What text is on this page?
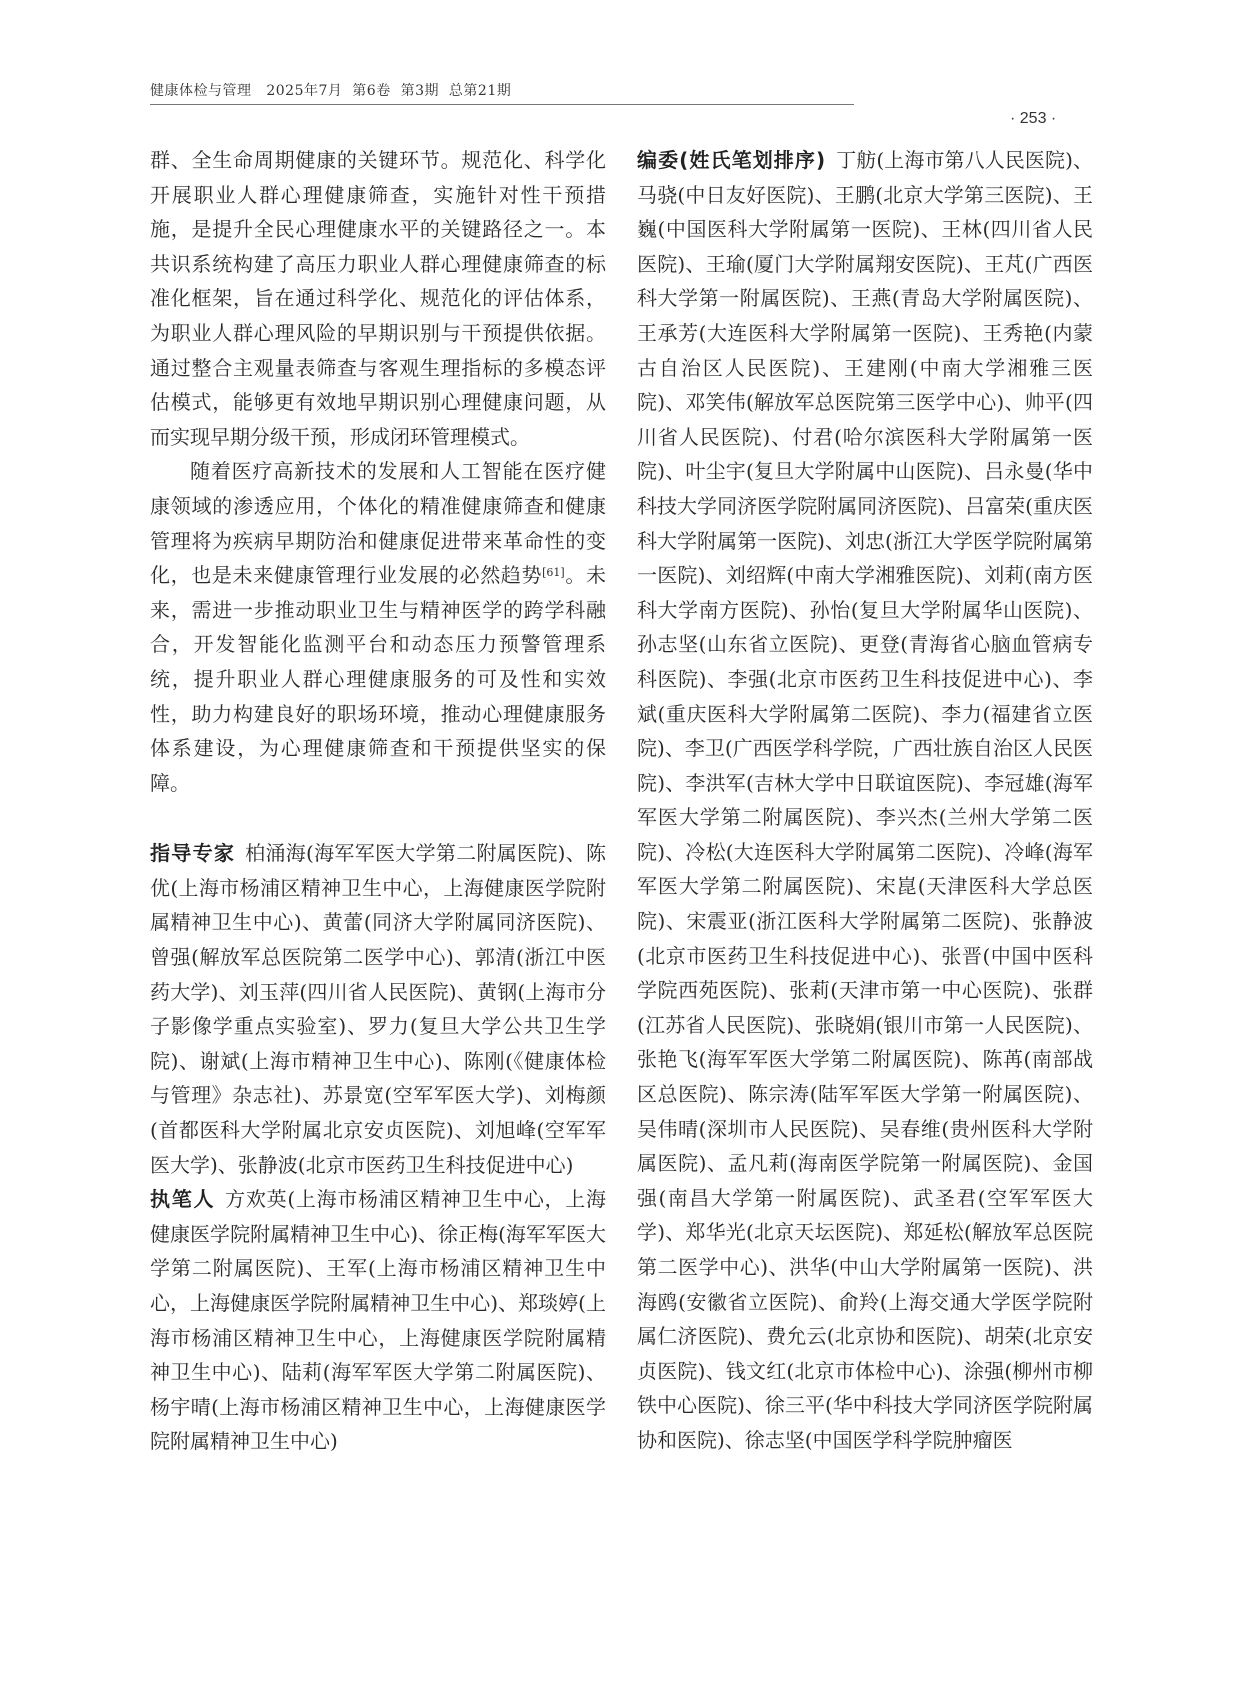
健康体检与管理 2025年7月  第6卷  第3期  总第21期
· 253 ·

群、全生命周期健康的关键环节。规范化、科学化开展职业人群心理健康筛查，实施针对性干预措施，是提升全民心理健康水平的关键路径之一。本共识系统构建了高压力职业人群心理健康筛查的标准化框架，旨在通过科学化、规范化的评估体系，为职业人群心理风险的早期识别与干预提供依据。通过整合主观量表筛查与客观生理指标的多模态评估模式，能够更有效地早期识别心理健康问题，从而实现早期分级干预，形成闭环管理模式。

随着医疗高新技术的发展和人工智能在医疗健康领域的渗透应用，个体化的精准健康筛查和健康管理将为疾病早期防治和健康促进带来革命性的变化，也是未来健康管理行业发展的必然趋势[61]。未来，需进一步推动职业卫生与精神医学的跨学科融合，开发智能化监测平台和动态压力预警管理系统，提升职业人群心理健康服务的可及性和实效性，助力构建良好的职场环境，推动心理健康服务体系建设，为心理健康筛查和干预提供坚实的保障。

指导专家 柏涌海(海军军医大学第二附属医院)、陈优(上海市杨浦区精神卫生中心，上海健康医学院附属精神卫生中心)、黄蕾(同济大学附属同济医院)、曾强(解放军总医院第二医学中心)、郭清(浙江中医药大学)、刘玉萍(四川省人民医院)、黄钢(上海市分子影像学重点实验室)、罗力(复旦大学公共卫生学院)、谢斌(上海市精神卫生中心)、陈刚(《健康体检与管理》杂志社)、苏景宽(空军军医大学)、刘梅颜(首都医科大学附属北京安贞医院)、刘旭峰(空军军医大学)、张静波(北京市医药卫生科技促进中心)

执笔人 方欢英(上海市杨浦区精神卫生中心，上海健康医学院附属精神卫生中心)、徐正梅(海军军医大学第二附属医院)、王军(上海市杨浦区精神卫生中心，上海健康医学院附属精神卫生中心)、郑琰婷(上海市杨浦区精神卫生中心，上海健康医学院附属精神卫生中心)、陆莉(海军军医大学第二附属医院)、杨宇晴(上海市杨浦区精神卫生中心，上海健康医学院附属精神卫生中心)

编委(姓氏笔划排序) 丁舫(上海市第八人民医院)、马骁(中日友好医院)、王鹏(北京大学第三医院)、王巍(中国医科大学附属第一医院)、王林(四川省人民医院)、王瑜(厦门大学附属翔安医院)、王芃(广西医科大学第一附属医院)、王燕(青岛大学附属医院)、王承芳(大连医科大学附属第一医院)、王秀艳(内蒙古自治区人民医院)、王建刚(中南大学湘雅三医院)、邓笑伟(解放军总医院第三医学中心)、帅平(四川省人民医院)、付君(哈尔滨医科大学附属第一医院)、叶尘宇(复旦大学附属中山医院)、吕永曼(华中科技大学同济医学院附属同济医院)、吕富荣(重庆医科大学附属第一医院)、刘忠(浙江大学医学院附属第一医院)、刘绍辉(中南大学湘雅医院)、刘莉(南方医科大学南方医院)、孙怡(复旦大学附属华山医院)、孙志坚(山东省立医院)、更登(青海省心脑血管病专科医院)、李强(北京市医药卫生科技促进中心)、李斌(重庆医科大学附属第二医院)、李力(福建省立医院)、李卫(广西医学科学院，广西壮族自治区人民医院)、李洪军(吉林大学中日联谊医院)、李冠雄(海军军医大学第二附属医院)、李兴杰(兰州大学第二医院)、冷松(大连医科大学附属第二医院)、冷峰(海军军医大学第二附属医院)、宋崑(天津医科大学总医院)、宋震亚(浙江医科大学附属第二医院)、张静波(北京市医药卫生科技促进中心)、张晋(中国中医科学院西苑医院)、张莉(天津市第一中心医院)、张群(江苏省人民医院)、张晓娟(银川市第一人民医院)、张艳飞(海军军医大学第二附属医院)、陈苒(南部战区总医院)、陈宗涛(陆军军医大学第一附属医院)、吴伟晴(深圳市人民医院)、吴春维(贵州医科大学附属医院)、孟凡莉(海南医学院第一附属医院)、金国强(南昌大学第一附属医院)、武圣君(空军军医大学)、郑华光(北京天坛医院)、郑延松(解放军总医院第二医学中心)、洪华(中山大学附属第一医院)、洪海鸥(安徽省立医院)、俞羚(上海交通大学医学院附属仁济医院)、费允云(北京协和医院)、胡荣(北京安贞医院)、钱文红(北京市体检中心)、涂强(柳州市柳铁中心医院)、徐三平(华中科技大学同济医学院附属协和医院)、徐志坚(中国医学科学院肿瘤医
